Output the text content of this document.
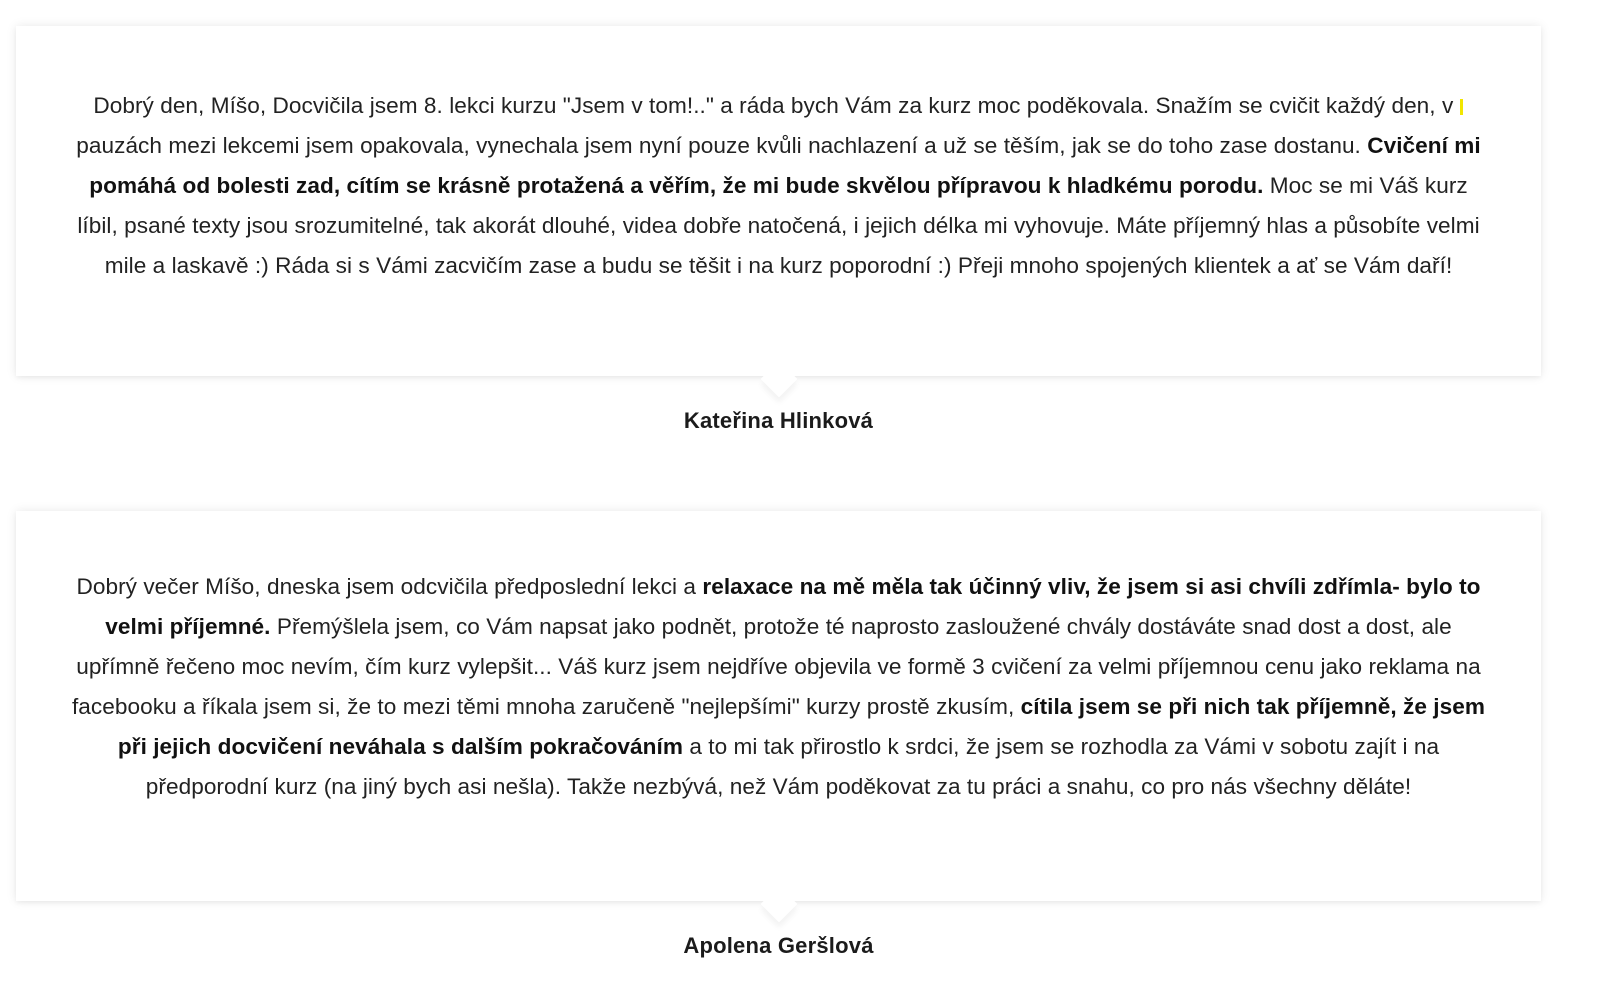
Dobrý den, Míšo, Docvičila jsem 8. lekci kurzu "Jsem v tom!.." a ráda bych Vám za kurz moc poděkovala. Snažím se cvičit každý den, v pauzách mezi lekcemi jsem opakovala, vynechala jsem nyní pouze kvůli nachlazení a už se těším, jak se do toho zase dostanu. Cvičení mi pomáhá od bolesti zad, cítím se krásně protažená a věřím, že mi bude skvělou přípravou k hladkému porodu. Moc se mi Váš kurz líbil, psané texty jsou srozumitelné, tak akorát dlouhé, videa dobře natočená, i jejich délka mi vyhovuje. Máte příjemný hlas a působíte velmi mile a laskavě :) Ráda si s Vámi zacvičím zase a budu se těšit i na kurz poporodní :) Přeji mnoho spojených klientek a ať se Vám daří!

Kateřina Hlinková

Dobrý večer Míšo, dneska jsem odcvičila předposlední lekci a relaxace na mě měla tak účinný vliv, že jsem si asi chvíli zdřímla- bylo to velmi příjemné. Přemýšlela jsem, co Vám napsat jako podnět, protože té naprosto zasloužené chvály dostáváte snad dost a dost, ale upřímně řečeno moc nevím, čím kurz vylepšit... Váš kurz jsem nejdříve objevila ve formě 3 cvičení za velmi příjemnou cenu jako reklama na facebooku a říkala jsem si, že to mezi těmi mnoha zaručeně "nejlepšími" kurzy prostě zkusím, cítila jsem se při nich tak příjemně, že jsem při jejich docvičení neváhala s dalším pokračováním a to mi tak přirostlo k srdci, že jsem se rozhodla za Vámi v sobotu zajít i na předporodní kurz (na jiný bych asi nešla). Takže nezbývá, než Vám poděkovat za tu práci a snahu, co pro nás všechny děláte!

Apolena Geršlová
